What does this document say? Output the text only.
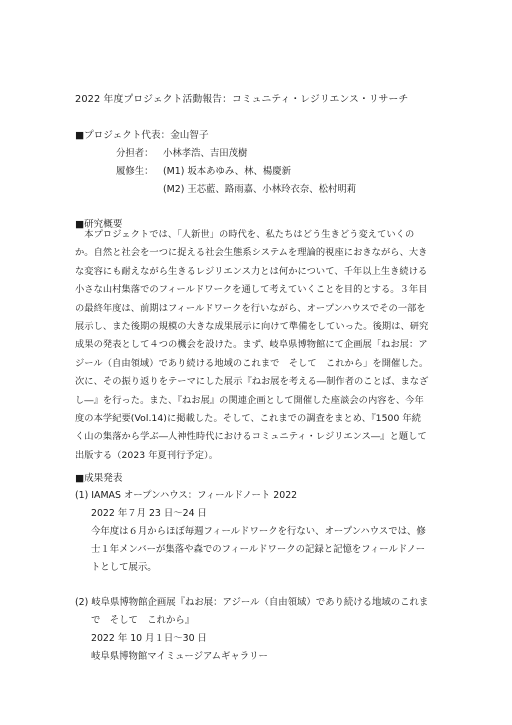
2022 年度プロジェクト活動報告：コミュニティ・レジリエンス・リサーチ
■プロジェクト代表：金山智子
分担者： 小林孝浩、吉田茂樹
履修生： (M1) 坂本あゆみ、林、楊慶新
(M2) 王芯藍、路雨嘉、小林玲衣奈、松村明莉
■研究概要
　本プロジェクトでは、「人新世」の時代を、私たちはどう生きどう変えていくの
か。自然と社会を一つに捉える社会生態系システムを理論的視座におきながら、大き
な変容にも耐えながら生きるレジリエンス力とは何かについて、千年以上生き続ける
小さな山村集落でのフィールドワークを通して考えていくことを目的とする。３年目
の最終年度は、前期はフィールドワークを行いながら、オープンハウスでその一部を
展示し、また後期の規模の大きな成果展示に向けて準備をしていった。後期は、研究
成果の発表として４つの機会を設けた。まず、岐阜県博物館にて企画展「ねお展：ア
ジール（自由領域）であり続ける地域のこれまで　そして　これから」を開催した。
次に、その振り返りをテーマにした展示『ねお展を考える―制作者のことば、まなざ
し―』を行った。また、『ねお展』の関連企画として開催した座談会の内容を、今年
度の本学紀要(Vol.14)に掲載した。そして、これまでの調査をまとめ、『1500 年続
く山の集落から学ぶ―人神性時代におけるコミュニティ・レジリエンス―』と題して
出版する（2023 年夏刊行予定）。
■成果発表
(1) IAMAS オープンハウス：フィールドノート 2022
2022 年７月 23 日～24 日
今年度は６月からほぼ毎週フィールドワークを行ない、オープンハウスでは、修
士１年メンバーが集落や森でのフィールドワークの記録と記憶をフィールドノー
トとして展示。
(2) 岐阜県博物館企画展『ねお展：アジール（自由領域）であり続ける地域のこれま
で　そして　これから』
2022 年 10 月１日～30 日
岐阜県博物館マイミュージアムギャラリー
